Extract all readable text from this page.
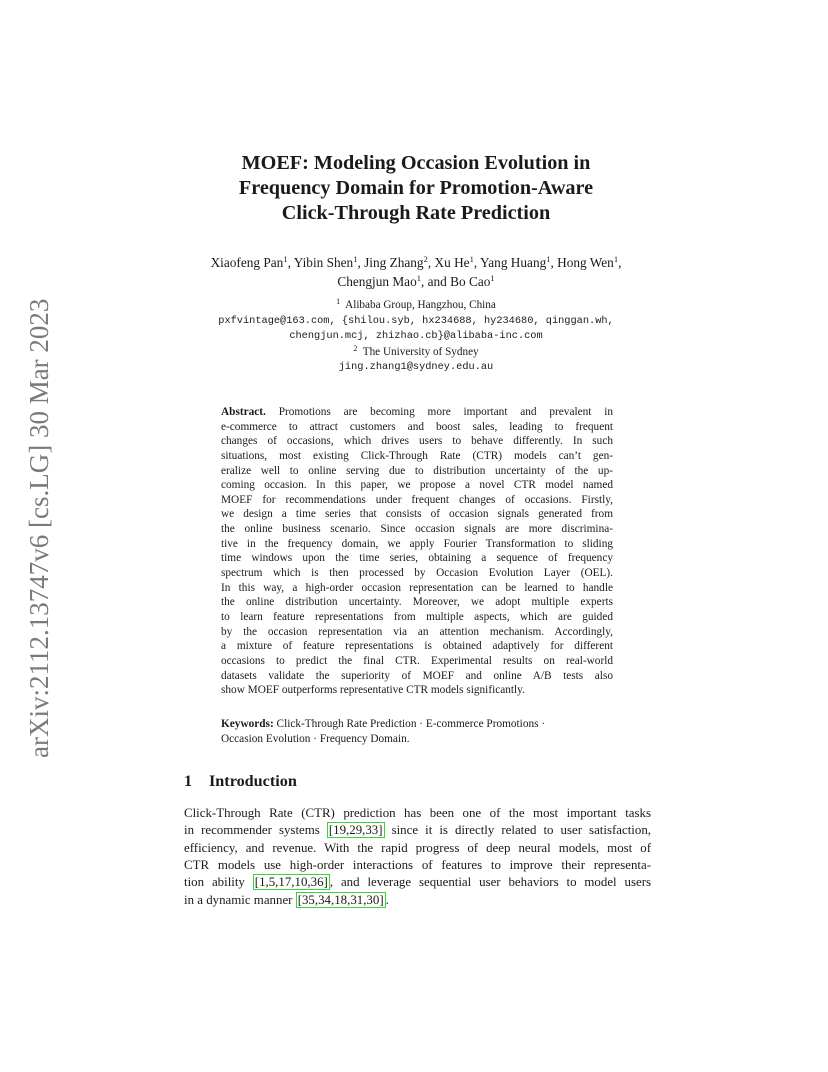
arXiv:2112.13747v6 [cs.LG] 30 Mar 2023
MOEF: Modeling Occasion Evolution in
Frequency Domain for Promotion-Aware
Click-Through Rate Prediction
Xiaofeng Pan$^1$, Yibin Shen$^1$, Jing Zhang$^2$, Xu He$^1$, Yang Huang$^1$, Hong Wen$^1$,
Chengjun Mao$^1$, and Bo Cao$^1$
$^1$ Alibaba Group, Hangzhou, China
pxfvintage@163.com, {shilou.syb, hx234688, hy234680, qinggan.wh,
chengjun.mcj, zhizhao.cb}@alibaba-inc.com
$^2$ The University of Sydney
jing.zhang1@sydney.edu.au
Abstract. Promotions are becoming more important and prevalent in
e-commerce to attract customers and boost sales, leading to frequent
changes of occasions, which drives users to behave differently. In such
situations, most existing Click-Through Rate (CTR) models can’t gen-
eralize well to online serving due to distribution uncertainty of the up-
coming occasion. In this paper, we propose a novel CTR model named
MOEF for recommendations under frequent changes of occasions. Firstly,
we design a time series that consists of occasion signals generated from
the online business scenario. Since occasion signals are more discrimina-
tive in the frequency domain, we apply Fourier Transformation to sliding
time windows upon the time series, obtaining a sequence of frequency
spectrum which is then processed by Occasion Evolution Layer (OEL).
In this way, a high-order occasion representation can be learned to handle
the online distribution uncertainty. Moreover, we adopt multiple experts
to learn feature representations from multiple aspects, which are guided
by the occasion representation via an attention mechanism. Accordingly,
a mixture of feature representations is obtained adaptively for different
occasions to predict the final CTR. Experimental results on real-world
datasets validate the superiority of MOEF and online A/B tests also
show MOEF outperforms representative CTR models significantly.
Keywords: Click-Through Rate Prediction · E-commerce Promotions ·
Occasion Evolution · Frequency Domain.
1 Introduction
Click-Through Rate (CTR) prediction has been one of the most important tasks
in recommender systems [19,29,33] since it is directly related to user satisfaction,
efficiency, and revenue. With the rapid progress of deep neural models, most of
CTR models use high-order interactions of features to improve their representa-
tion ability [1,5,17,10,36] , and leverage sequential user behaviors to model users
in a dynamic manner [35,34,18,31,30] .
